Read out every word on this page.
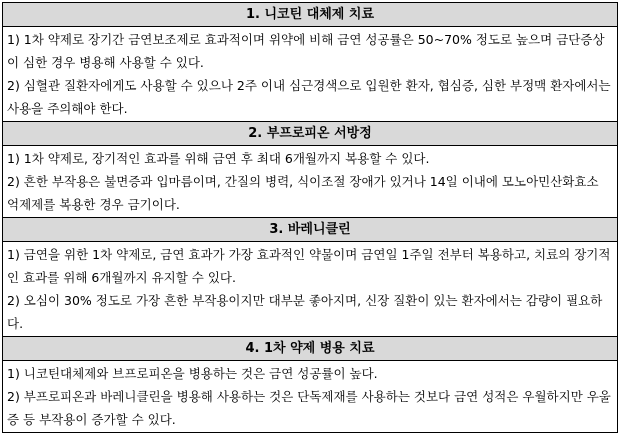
1. 니코틴 대체제 치료

1) 1차 약제로 장기간 금연보조제로 효과적이며 위약에 비해 금연 성공률은 50~70% 정도로 높으며 금단증상이 심한 경우 병용해 사용할 수 있다.
2) 심혈관 질환자에게도 사용할 수 있으나 2주 이내 심근경색으로 입원한 환자, 협심증, 심한 부정맥 환자에서는 사용을 주의해야 한다.

2. 부프로피온 서방정

1) 1차 약제로, 장기적인 효과를 위해 금연 후 최대 6개월까지 복용할 수 있다.
2) 흔한 부작용은 불면증과 입마름이며, 간질의 병력, 식이조절 장애가 있거나 14일 이내에 모노아민산화효소 억제제를 복용한 경우 금기이다.

3. 바레니클린

1) 금연을 위한 1차 약제로, 금연 효과가 가장 효과적인 약물이며 금연일 1주일 전부터 복용하고, 치료의 장기적인 효과를 위해 6개월까지 유지할 수 있다.
2) 오심이 30% 정도로 가장 흔한 부작용이지만 대부분 좋아지며, 신장 질환이 있는 환자에서는 감량이 필요하다.

4. 1차 약제 병용 치료

1) 니코틴대체제와 브프로피온을 병용하는 것은 금연 성공률이 높다.
2) 부프로피온과 바레니클린을 병용해 사용하는 것은 단독제재를 사용하는 것보다 금연 성적은 우월하지만 우울증 등 부작용이 증가할 수 있다.
